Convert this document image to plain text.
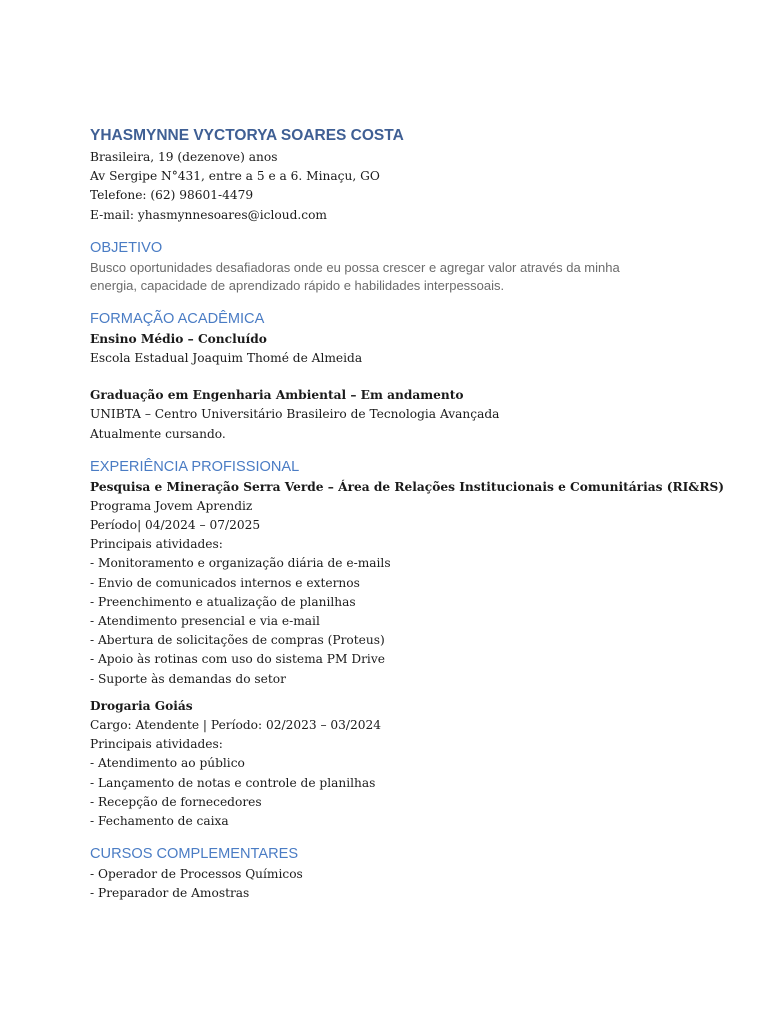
YHASMYNNE VYCTORYA SOARES COSTA
Brasileira, 19 (dezenove) anos
Av Sergipe N°431, entre a 5 e a 6. Minaçu, GO
Telefone: (62) 98601-4479
E-mail: yhasmynnesoares@icloud.com
OBJETIVO
Busco oportunidades desafiadoras onde eu possa crescer e agregar valor através da minha
energia, capacidade de aprendizado rápido e habilidades interpessoais.
FORMAÇÃO ACADÊMICA
Ensino Médio – Concluído
Escola Estadual Joaquim Thomé de Almeida
Graduação em Engenharia Ambiental – Em andamento
UNIBTA – Centro Universitário Brasileiro de Tecnologia Avançada
Atualmente cursando.
EXPERIÊNCIA PROFISSIONAL
Pesquisa e Mineração Serra Verde – Área de Relações Institucionais e Comunitárias (RI&RS)
Programa Jovem Aprendiz
Período| 04/2024 – 07/2025
Principais atividades:
- Monitoramento e organização diária de e-mails
- Envio de comunicados internos e externos
- Preenchimento e atualização de planilhas
- Atendimento presencial e via e-mail
- Abertura de solicitações de compras (Proteus)
- Apoio às rotinas com uso do sistema PM Drive
- Suporte às demandas do setor
Drogaria Goiás
Cargo: Atendente | Período: 02/2023 – 03/2024
Principais atividades:
- Atendimento ao público
- Lançamento de notas e controle de planilhas
- Recepção de fornecedores
- Fechamento de caixa
CURSOS COMPLEMENTARES
- Operador de Processos Químicos
- Preparador de Amostras
